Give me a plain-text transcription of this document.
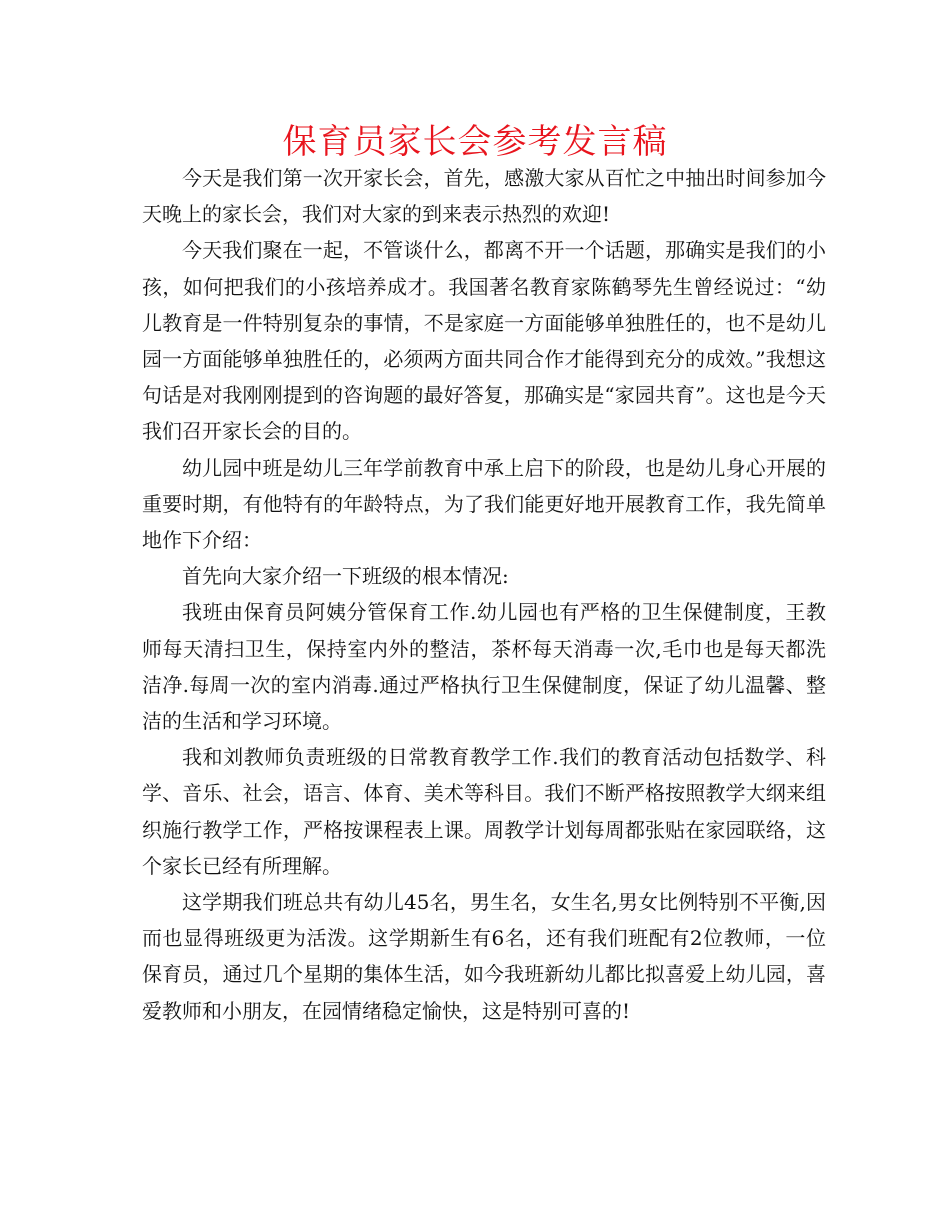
保育员家长会参考发言稿

今天是我们第一次开家长会，首先，感激大家从百忙之中抽出时间参加今天晚上的家长会，我们对大家的到来表示热烈的欢迎!

今天我们聚在一起，不管谈什么，都离不开一个话题，那确实是我们的小孩，如何把我们的小孩培养成才。我国著名教育家陈鹤琴先生曾经说过：“幼儿教育是一件特别复杂的事情，不是家庭一方面能够单独胜任的，也不是幼儿园一方面能够单独胜任的，必须两方面共同合作才能得到充分的成效。”我想这句话是对我刚刚提到的咨询题的最好答复，那确实是“家园共育”。这也是今天我们召开家长会的目的。

幼儿园中班是幼儿三年学前教育中承上启下的阶段，也是幼儿身心开展的重要时期，有他特有的年龄特点，为了我们能更好地开展教育工作，我先简单地作下介绍：

首先向大家介绍一下班级的根本情况:

我班由保育员阿姨分管保育工作.幼儿园也有严格的卫生保健制度，王教师每天清扫卫生，保持室内外的整洁，茶杯每天消毒一次,毛巾也是每天都洗洁净.每周一次的室内消毒.通过严格执行卫生保健制度，保证了幼儿温馨、整洁的生活和学习环境。

我和刘教师负责班级的日常教育教学工作.我们的教育活动包括数学、科学、音乐、社会，语言、体育、美术等科目。我们不断严格按照教学大纲来组织施行教学工作，严格按课程表上课。周教学计划每周都张贴在家园联络，这个家长已经有所理解。

这学期我们班总共有幼儿45名，男生名，女生名,男女比例特别不平衡,因而也显得班级更为活泼。这学期新生有6名，还有我们班配有2位教师，一位保育员，通过几个星期的集体生活，如今我班新幼儿都比拟喜爱上幼儿园，喜爱教师和小朋友，在园情绪稳定愉快，这是特别可喜的!
